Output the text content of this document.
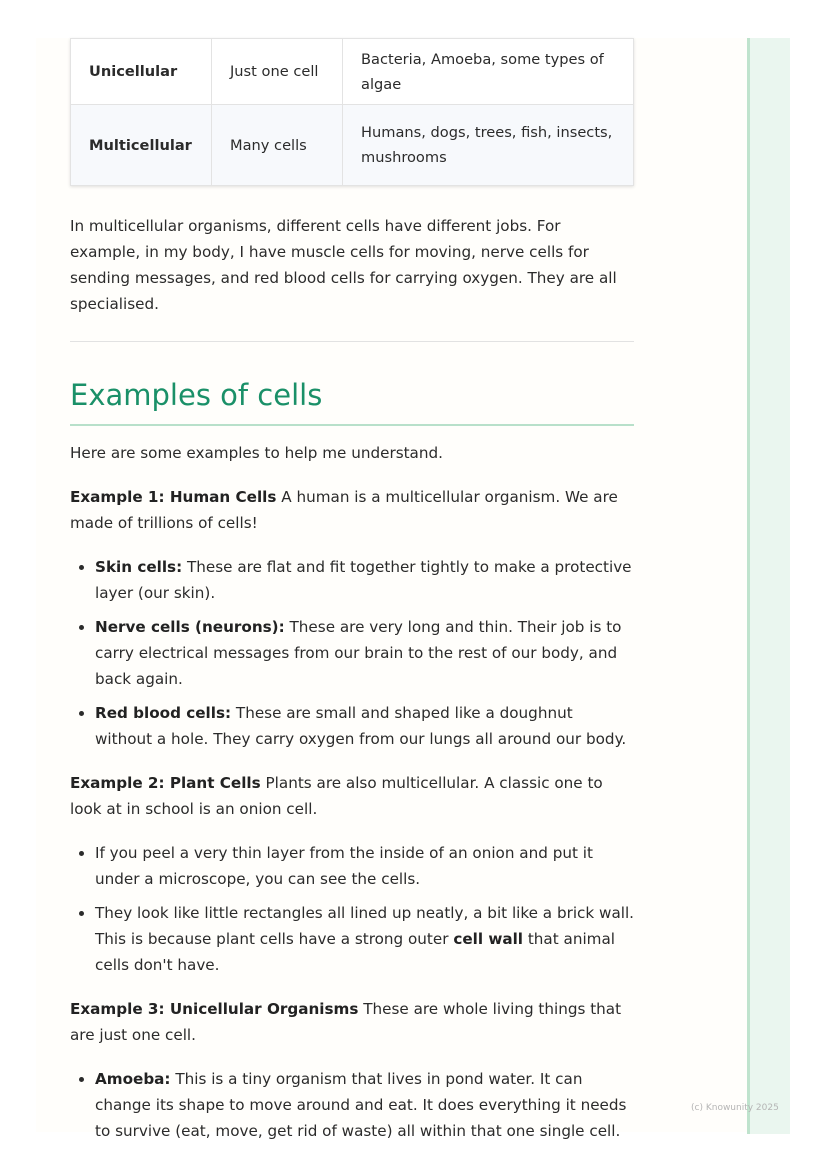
Unicellular	Just one cell	Bacteria, Amoeba, some types of algae
Multicellular	Many cells	Humans, dogs, trees, fish, insects, mushrooms

In multicellular organisms, different cells have different jobs. For example, in my body, I have muscle cells for moving, nerve cells for sending messages, and red blood cells for carrying oxygen. They are all specialised.

Examples of cells

Here are some examples to help me understand.

Example 1: Human Cells A human is a multicellular organism. We are made of trillions of cells!

• Skin cells: These are flat and fit together tightly to make a protective layer (our skin).
• Nerve cells (neurons): These are very long and thin. Their job is to carry electrical messages from our brain to the rest of our body, and back again.
• Red blood cells: These are small and shaped like a doughnut without a hole. They carry oxygen from our lungs all around our body.

Example 2: Plant Cells Plants are also multicellular. A classic one to look at in school is an onion cell.

• If you peel a very thin layer from the inside of an onion and put it under a microscope, you can see the cells.
• They look like little rectangles all lined up neatly, a bit like a brick wall. This is because plant cells have a strong outer cell wall that animal cells don't have.

Example 3: Unicellular Organisms These are whole living things that are just one cell.

• Amoeba: This is a tiny organism that lives in pond water. It can change its shape to move around and eat. It does everything it needs to survive (eat, move, get rid of waste) all within that one single cell.
(c) Knowunity 2025
